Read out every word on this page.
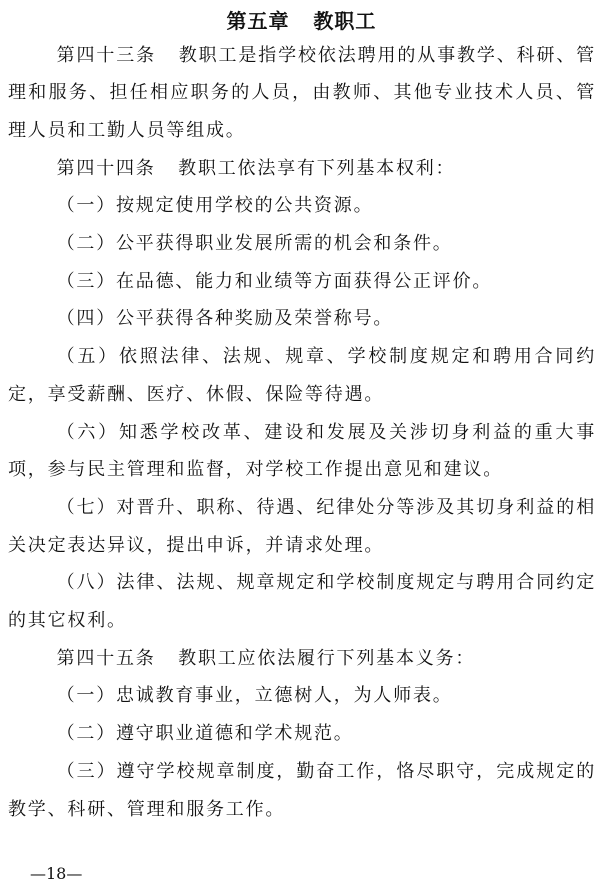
第五章   教职工

第四十三条   教职工是指学校依法聘用的从事教学、科研、管理和服务、担任相应职务的人员，由教师、其他专业技术人员、管理人员和工勤人员等组成。

第四十四条   教职工依法享有下列基本权利：

（一）按规定使用学校的公共资源。

（二）公平获得职业发展所需的机会和条件。

（三）在品德、能力和业绩等方面获得公正评价。

（四）公平获得各种奖励及荣誉称号。

（五）依照法律、法规、规章、学校制度规定和聘用合同约定，享受薪酬、医疗、休假、保险等待遇。

（六）知悉学校改革、建设和发展及关涉切身利益的重大事项，参与民主管理和监督，对学校工作提出意见和建议。

（七）对晋升、职称、待遇、纪律处分等涉及其切身利益的相关决定表达异议，提出申诉，并请求处理。

（八）法律、法规、规章规定和学校制度规定与聘用合同约定的其它权利。

第四十五条   教职工应依法履行下列基本义务：

（一）忠诚教育事业，立德树人，为人师表。

（二）遵守职业道德和学术规范。

（三）遵守学校规章制度，勤奋工作，恪尽职守，完成规定的教学、科研、管理和服务工作。

—18—
